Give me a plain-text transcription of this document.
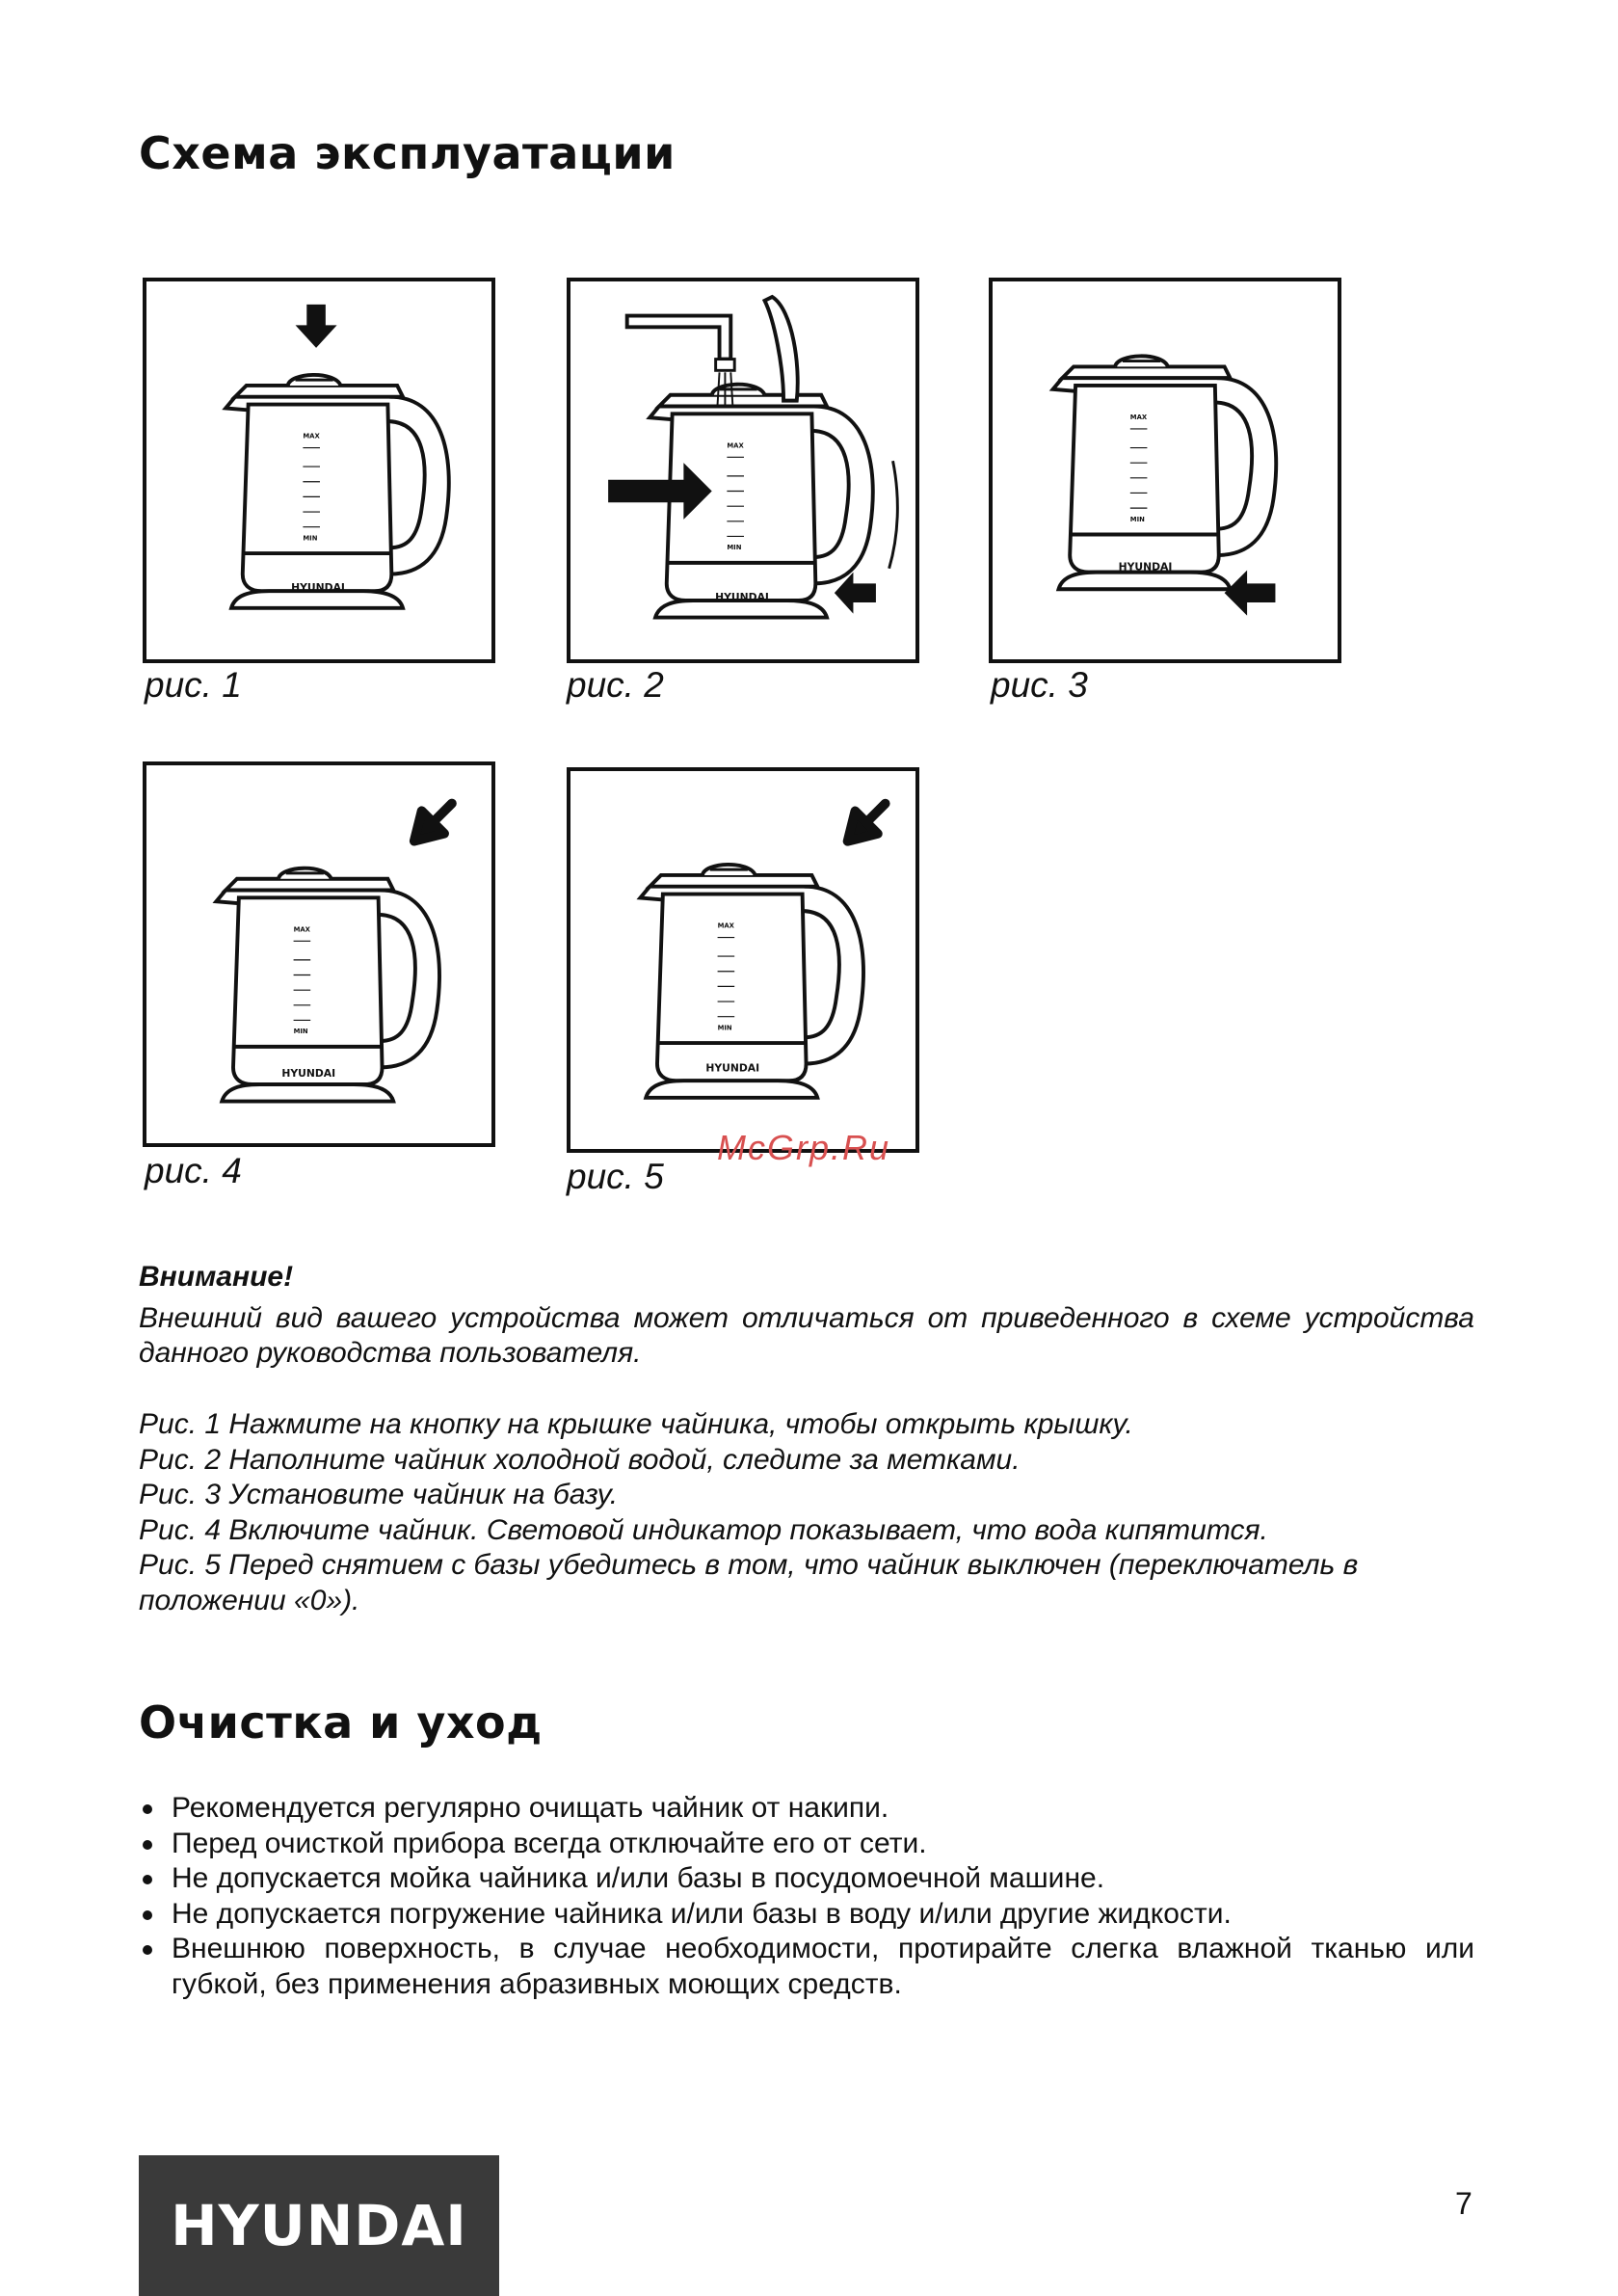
Схема эксплуатации
HYUNDAI
рис. 1
HYUNDAI
рис. 2
HYUNDAI
рис. 3
HYUNDAI
рис. 4
HYUNDAI
рис. 5
McGrp.Ru
Внимание!

Внешний вид вашего устройства может отличаться от приведенного в схеме устройства данного руководства пользователя.

Рис. 1 Нажмите на кнопку на крышке чайника, чтобы открыть крышку.
Рис. 2 Наполните чайник холодной водой, следите за метками.
Рис. 3 Установите чайник на базу.
Рис. 4 Включите чайник. Световой индикатор показывает, что вода кипятится.
Рис. 5 Перед снятием с базы убедитесь в том, что чайник выключен (переключатель в положении «0»).
Очистка и уход
Рекомендуется регулярно очищать чайник от накипи.
Перед очисткой прибора всегда отключайте его от сети.
Не допускается мойка чайника и/или базы в посудомоечной машине.
Не допускается погружение чайника и/или базы в воду и/или другие жидкости.
Внешнюю поверхность, в случае необходимости, протирайте слегка влажной тканью или губкой, без применения абразивных моющих средств.
HYUNDAI	7
